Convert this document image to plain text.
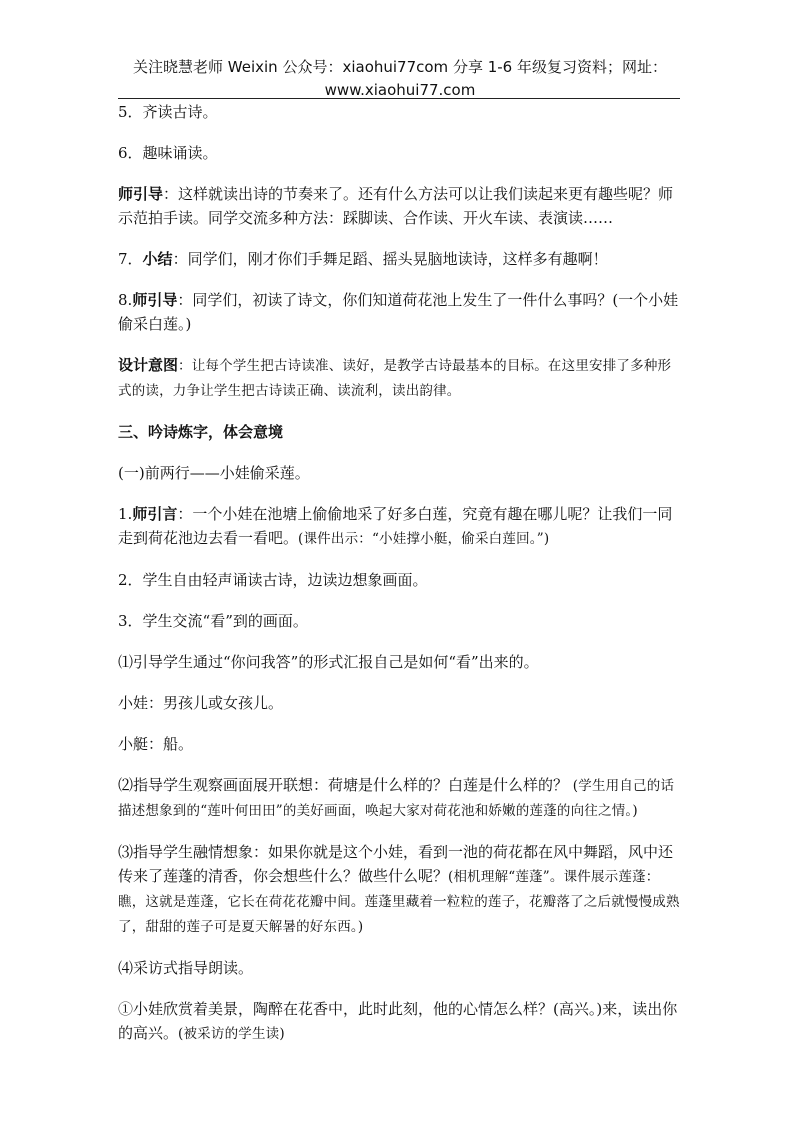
关注晓慧老师 Weixin 公众号：xiaohui77com 分享 1-6 年级复习资料；网址：
www.xiaohui77.com

5．齐读古诗。

6．趣味诵读。

师引导：这样就读出诗的节奏来了。还有什么方法可以让我们读起来更有趣些呢？师示范拍手读。同学交流多种方法：踩脚读、合作读、开火车读、表演读……

7．小结：同学们，刚才你们手舞足蹈、摇头晃脑地读诗，这样多有趣啊！

8.师引导：同学们，初读了诗文，你们知道荷花池上发生了一件什么事吗？(一个小娃偷采白莲。)

设计意图：让每个学生把古诗读准、读好，是教学古诗最基本的目标。在这里安排了多种形式的读，力争让学生把古诗读正确、读流利，读出韵律。

三、吟诗炼字，体会意境

(一)前两行——小娃偷采莲。

1.师引言：一个小娃在池塘上偷偷地采了好多白莲，究竟有趣在哪儿呢？让我们一同走到荷花池边去看一看吧。(课件出示：“小娃撑小艇，偷采白莲回。”)

2．学生自由轻声诵读古诗，边读边想象画面。

3．学生交流“看”到的画面。

⑴引导学生通过“你问我答”的形式汇报自己是如何“看”出来的。

小娃：男孩儿或女孩儿。

小艇：船。

⑵指导学生观察画面展开联想：荷塘是什么样的？白莲是什么样的？ (学生用自己的话描述想象到的“莲叶何田田”的美好画面，唤起大家对荷花池和娇嫩的莲蓬的向往之情。)

⑶指导学生融情想象：如果你就是这个小娃，看到一池的荷花都在风中舞蹈，风中还传来了莲蓬的清香，你会想些什么？做些什么呢？(相机理解“莲蓬”。课件展示莲蓬：瞧，这就是莲蓬，它长在荷花花瓣中间。莲蓬里藏着一粒粒的莲子，花瓣落了之后就慢慢成熟了，甜甜的莲子可是夏天解暑的好东西。)

⑷采访式指导朗读。

①小娃欣赏着美景，陶醉在花香中，此时此刻，他的心情怎么样？(高兴。)来，读出你的高兴。(被采访的学生读)
